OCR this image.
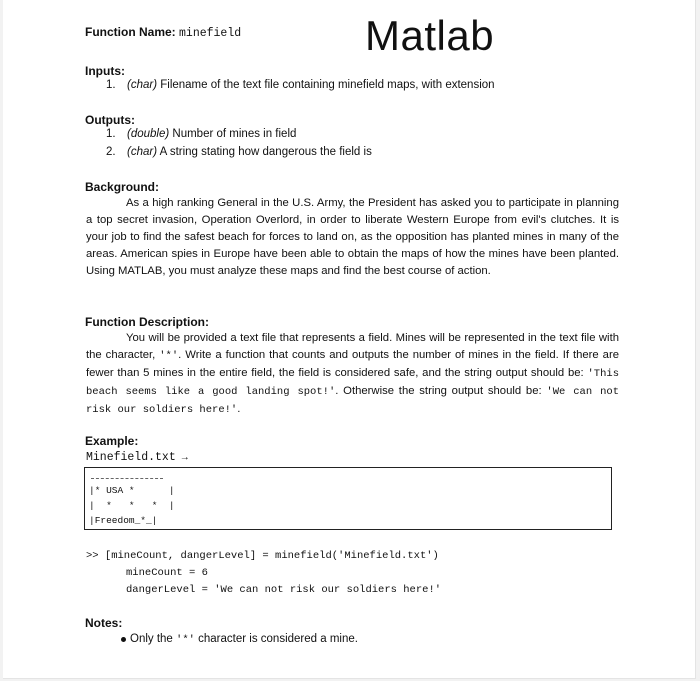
Matlab
Function Name: minefield
Inputs:
1. (char) Filename of the text file containing minefield maps, with extension
Outputs:
1. (double) Number of mines in field
2. (char) A string stating how dangerous the field is
Background:
As a high ranking General in the U.S. Army, the President has asked you to participate in planning a top secret invasion, Operation Overlord, in order to liberate Western Europe from evil's clutches. It is your job to find the safest beach for forces to land on, as the opposition has planted mines in many of the areas. American spies in Europe have been able to obtain the maps of how the mines have been planted. Using MATLAB, you must analyze these maps and find the best course of action.
Function Description:
You will be provided a text file that represents a field. Mines will be represented in the text file with the character, '*'. Write a function that counts and outputs the number of mines in the field. If there are fewer than 5 mines in the entire field, the field is considered safe, and the string output should be: 'This beach seems like a good landing spot!'. Otherwise the string output should be: 'We can not risk our soldiers here!'.
Example:
Minefield.txt →
|* USA *      |
|  *   *   *  |
|Freedom_*_|
>> [mineCount, dangerLevel] = minefield('Minefield.txt')
mineCount = 6
dangerLevel = 'We can not risk our soldiers here!'
Notes:
Only the '*' character is considered a mine.
